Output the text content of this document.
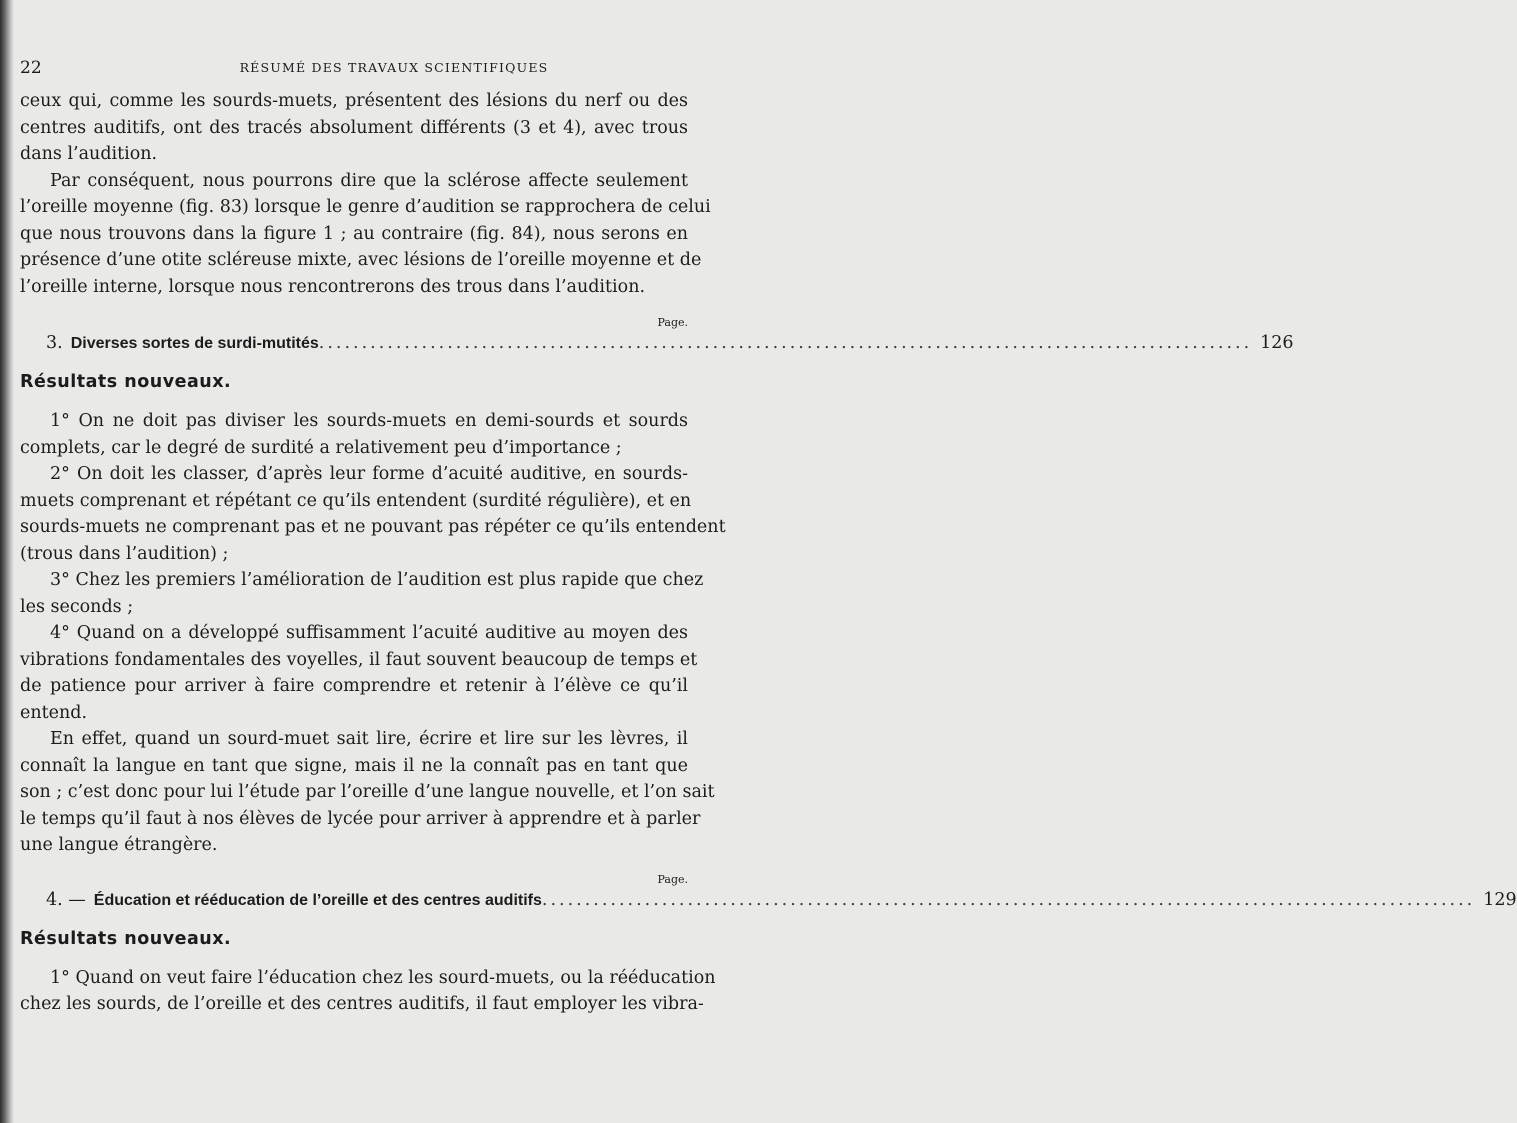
22	RÉSUMÉ DES TRAVAUX SCIENTIFIQUES
ceux qui, comme les sourds-muets, présentent des lésions du nerf ou des
centres auditifs, ont des tracés absolument différents (3 et 4), avec trous
dans l’audition.
Par conséquent, nous pourrons dire que la sclérose affecte seulement
l’oreille moyenne (fig. 83) lorsque le genre d’audition se rapprochera de celui
que nous trouvons dans la figure 1 ; au contraire (fig. 84), nous serons en
présence d’une otite scléreuse mixte, avec lésions de l’oreille moyenne et de
l’oreille interne, lorsque nous rencontrerons des trous dans l’audition.
Page.
3. Diverses sortes de surdi-mutités ............................................................................................................. 126
Résultats nouveaux.
1° On ne doit pas diviser les sourds-muets en demi-sourds et sourds
complets, car le degré de surdité a relativement peu d’importance ;
2° On doit les classer, d’après leur forme d’acuité auditive, en sourds-
muets comprenant et répétant ce qu’ils entendent (surdité régulière), et en
sourds-muets ne comprenant pas et ne pouvant pas répéter ce qu’ils entendent
(trous dans l’audition) ;
3° Chez les premiers l’amélioration de l’audition est plus rapide que chez
les seconds ;
4° Quand on a développé suffisamment l’acuité auditive au moyen des
vibrations fondamentales des voyelles, il faut souvent beaucoup de temps et
de patience pour arriver à faire comprendre et retenir à l’élève ce qu’il
entend.
En effet, quand un sourd-muet sait lire, écrire et lire sur les lèvres, il
connaît la langue en tant que signe, mais il ne la connaît pas en tant que
son ; c’est donc pour lui l’étude par l’oreille d’une langue nouvelle, et l’on sait
le temps qu’il faut à nos élèves de lycée pour arriver à apprendre et à parler
une langue étrangère.
Page.
4. — Éducation et rééducation de l’oreille et des centres auditifs ............................................................................................................. 129
Résultats nouveaux.
1° Quand on veut faire l’éducation chez les sourd-muets, ou la rééducation
chez les sourds, de l’oreille et des centres auditifs, il faut employer les vibra-
